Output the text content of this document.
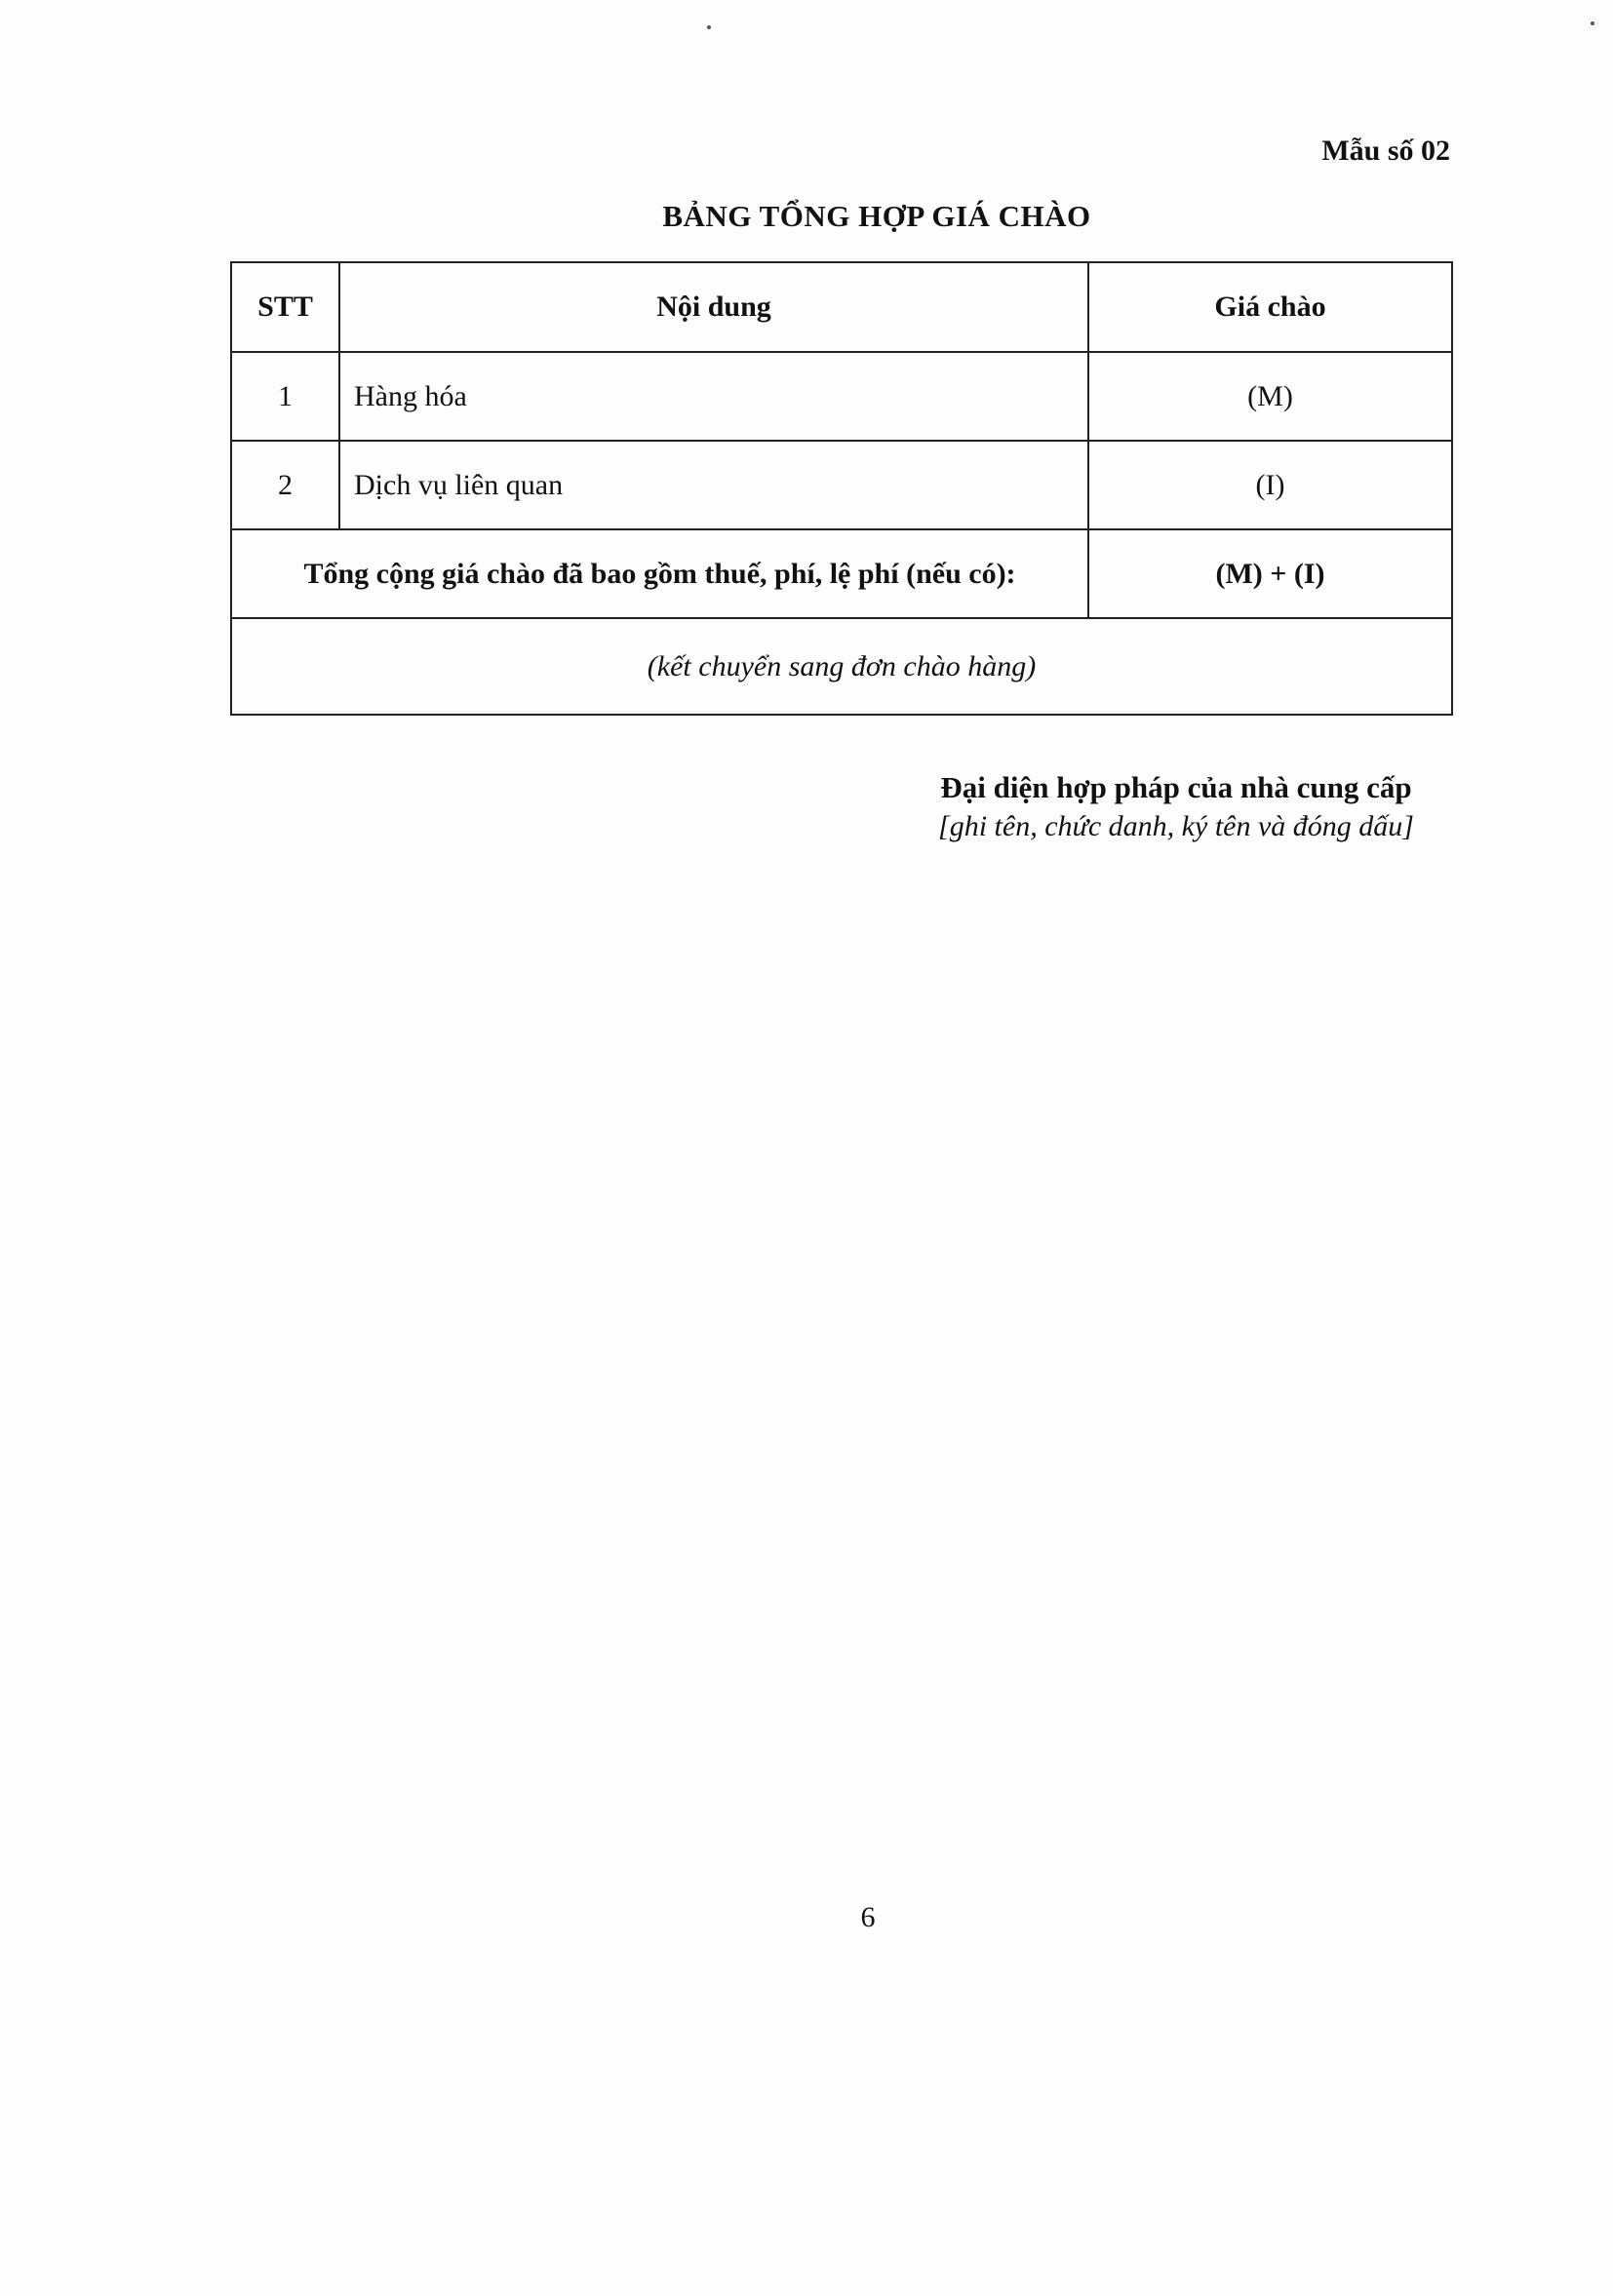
Mẫu số 02
BẢNG TỔNG HỢP GIÁ CHÀO
STT	Nội dung	Giá chào
1	Hàng hóa	(M)
2	Dịch vụ liên quan	(I)
Tổng cộng giá chào đã bao gồm thuế, phí, lệ phí (nếu có):		(M) + (I)
(kết chuyển sang đơn chào hàng)		
Đại diện hợp pháp của nhà cung cấp
[ghi tên, chức danh, ký tên và đóng dấu]
6
